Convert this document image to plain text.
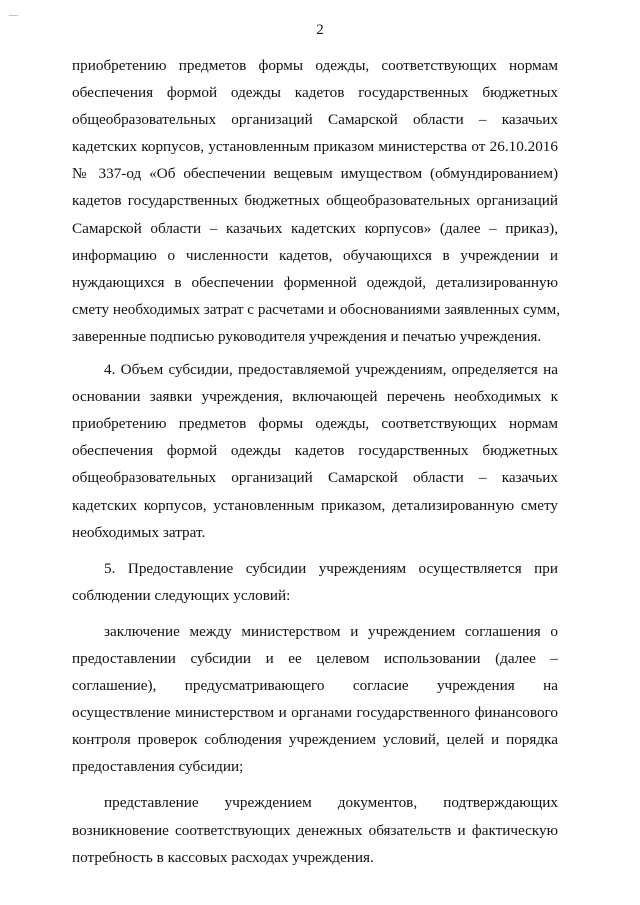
—
2

приобретению предметов формы одежды, соответствующих нормам
обеспечения формой одежды кадетов государственных бюджетных
общеобразовательных организаций Самарской области – казачьих
кадетских корпусов, установленным приказом министерства от 26.10.2016
№ 337-од «Об обеспечении вещевым имуществом (обмундированием)
кадетов государственных бюджетных общеобразовательных организаций
Самарской области – казачьих кадетских корпусов» (далее – приказ),
информацию о численности кадетов, обучающихся в учреждении и
нуждающихся в обеспечении форменной одеждой, детализированную
смету необходимых затрат с расчетами и обоснованиями заявленных сумм,
заверенные подписью руководителя учреждения и печатью учреждения.

4. Объем субсидии, предоставляемой учреждениям, определяется на
основании заявки учреждения, включающей перечень необходимых к
приобретению предметов формы одежды, соответствующих нормам
обеспечения формой одежды кадетов государственных бюджетных
общеобразовательных организаций Самарской области – казачьих
кадетских корпусов, установленным приказом, детализированную смету
необходимых затрат.

5. Предоставление субсидии учреждениям осуществляется при
соблюдении следующих условий:

заключение между министерством и учреждением соглашения о
предоставлении субсидии и ее целевом использовании (далее –
соглашение), предусматривающего согласие учреждения на
осуществление министерством и органами государственного финансового
контроля проверок соблюдения учреждением условий, целей и порядка
предоставления субсидии;

представление учреждением документов, подтверждающих
возникновение соответствующих денежных обязательств и фактическую
потребность в кассовых расходах учреждения.
